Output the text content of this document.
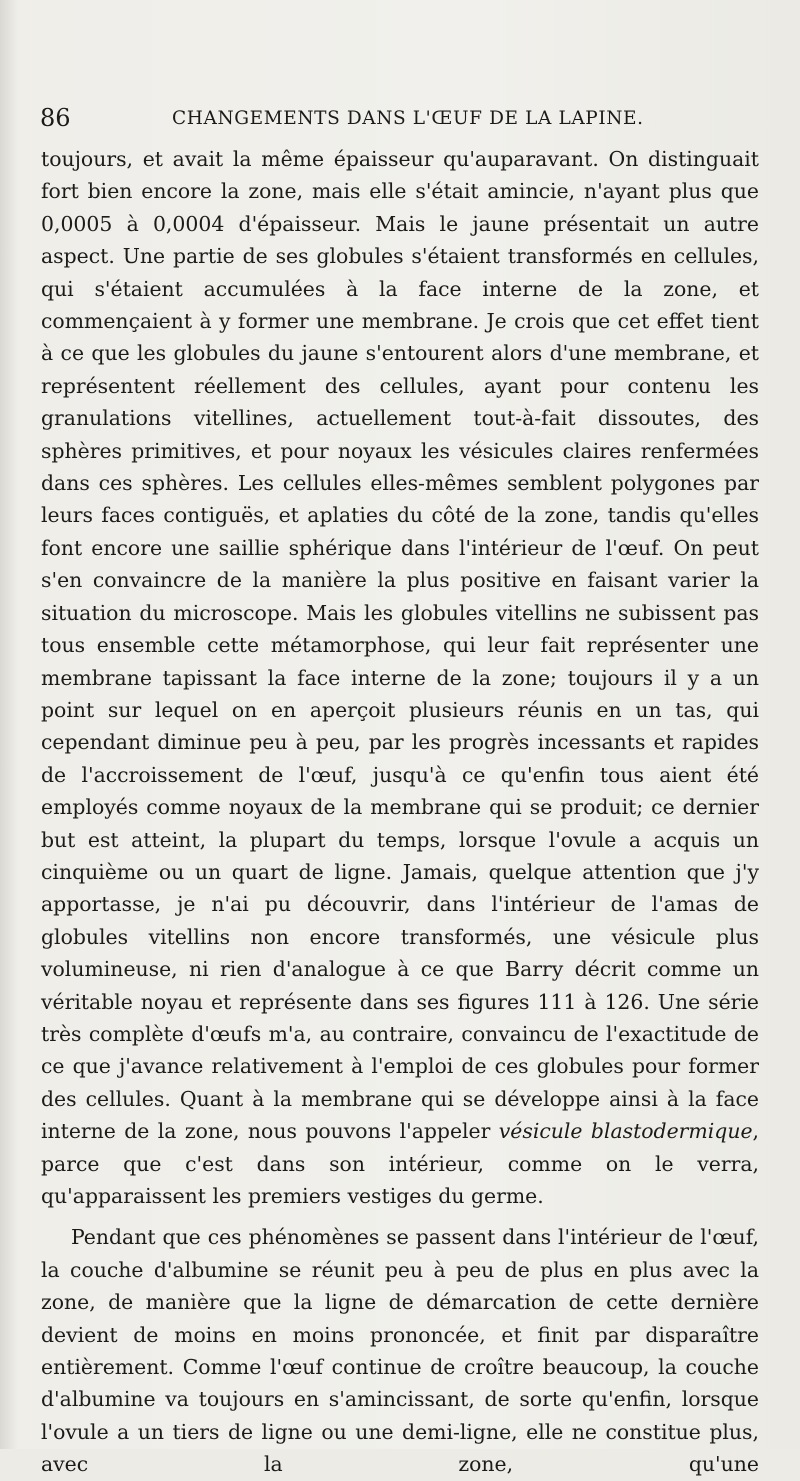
86	CHANGEMENTS DANS L'ŒUF DE LA LAPINE.

toujours, et avait la même épaisseur qu'auparavant. On distinguait fort bien encore la zone, mais elle s'était amincie, n'ayant plus que 0,0005 à 0,0004 d'épaisseur. Mais le jaune présentait un autre aspect. Une partie de ses globules s'étaient transformés en cellules, qui s'étaient accumulées à la face interne de la zone, et commençaient à y former une membrane. Je crois que cet effet tient à ce que les globules du jaune s'entourent alors d'une membrane, et représentent réellement des cellules, ayant pour contenu les granulations vitellines, actuellement tout-à-fait dissoutes, des sphères primitives, et pour noyaux les vésicules claires renfermées dans ces sphères. Les cellules elles-mêmes semblent polygones par leurs faces contiguës, et aplaties du côté de la zone, tandis qu'elles font encore une saillie sphérique dans l'intérieur de l'œuf. On peut s'en convaincre de la manière la plus positive en faisant varier la situation du microscope. Mais les globules vitellins ne subissent pas tous ensemble cette métamorphose, qui leur fait représenter une membrane tapissant la face interne de la zone; toujours il y a un point sur lequel on en aperçoit plusieurs réunis en un tas, qui cependant diminue peu à peu, par les progrès incessants et rapides de l'accroissement de l'œuf, jusqu'à ce qu'enfin tous aient été employés comme noyaux de la membrane qui se produit; ce dernier but est atteint, la plupart du temps, lorsque l'ovule a acquis un cinquième ou un quart de ligne. Jamais, quelque attention que j'y apportasse, je n'ai pu découvrir, dans l'intérieur de l'amas de globules vitellins non encore transformés, une vésicule plus volumineuse, ni rien d'analogue à ce que Barry décrit comme un véritable noyau et représente dans ses figures 111 à 126. Une série très complète d'œufs m'a, au contraire, convaincu de l'exactitude de ce que j'avance relativement à l'emploi de ces globules pour former des cellules. Quant à la membrane qui se développe ainsi à la face interne de la zone, nous pouvons l'appeler vésicule blastodermique, parce que c'est dans son intérieur, comme on le verra, qu'apparaissent les premiers vestiges du germe.

Pendant que ces phénomènes se passent dans l'intérieur de l'œuf, la couche d'albumine se réunit peu à peu de plus en plus avec la zone, de manière que la ligne de démarcation de cette dernière devient de moins en moins prononcée, et finit par disparaître entièrement. Comme l'œuf continue de croître beaucoup, la couche d'albumine va toujours en s'amincissant, de sorte qu'enfin, lorsque l'ovule a un tiers de ligne ou une demi-ligne, elle ne constitue plus, avec la zone, qu'une
